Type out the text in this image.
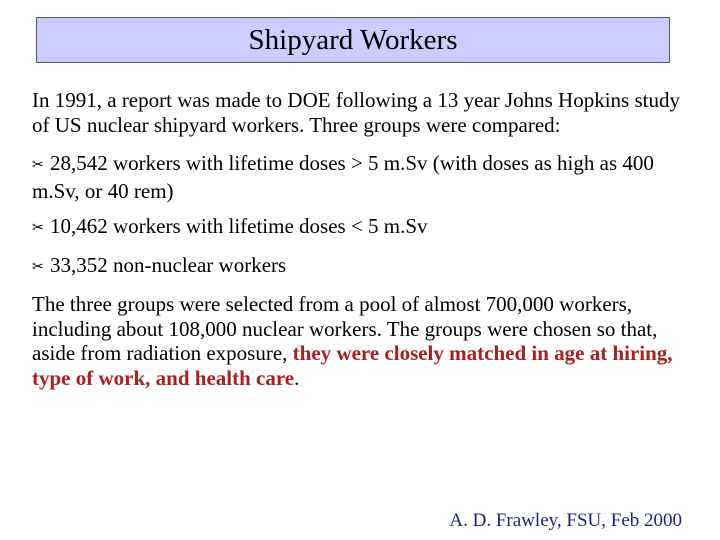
Shipyard Workers

In 1991, a report was made to DOE following a 13 year Johns Hopkins study of US nuclear shipyard workers. Three groups were compared:

✂ 28,542 workers with lifetime doses > 5 m.Sv (with doses as high as 400 m.Sv, or 40 rem)
✂ 10,462 workers with lifetime doses < 5 m.Sv
✂ 33,352 non-nuclear workers

The three groups were selected from a pool of almost 700,000 workers, including about 108,000 nuclear workers. The groups were chosen so that, aside from radiation exposure, they were closely matched in age at hiring, type of work, and health care.

A. D. Frawley, FSU, Feb 2000
